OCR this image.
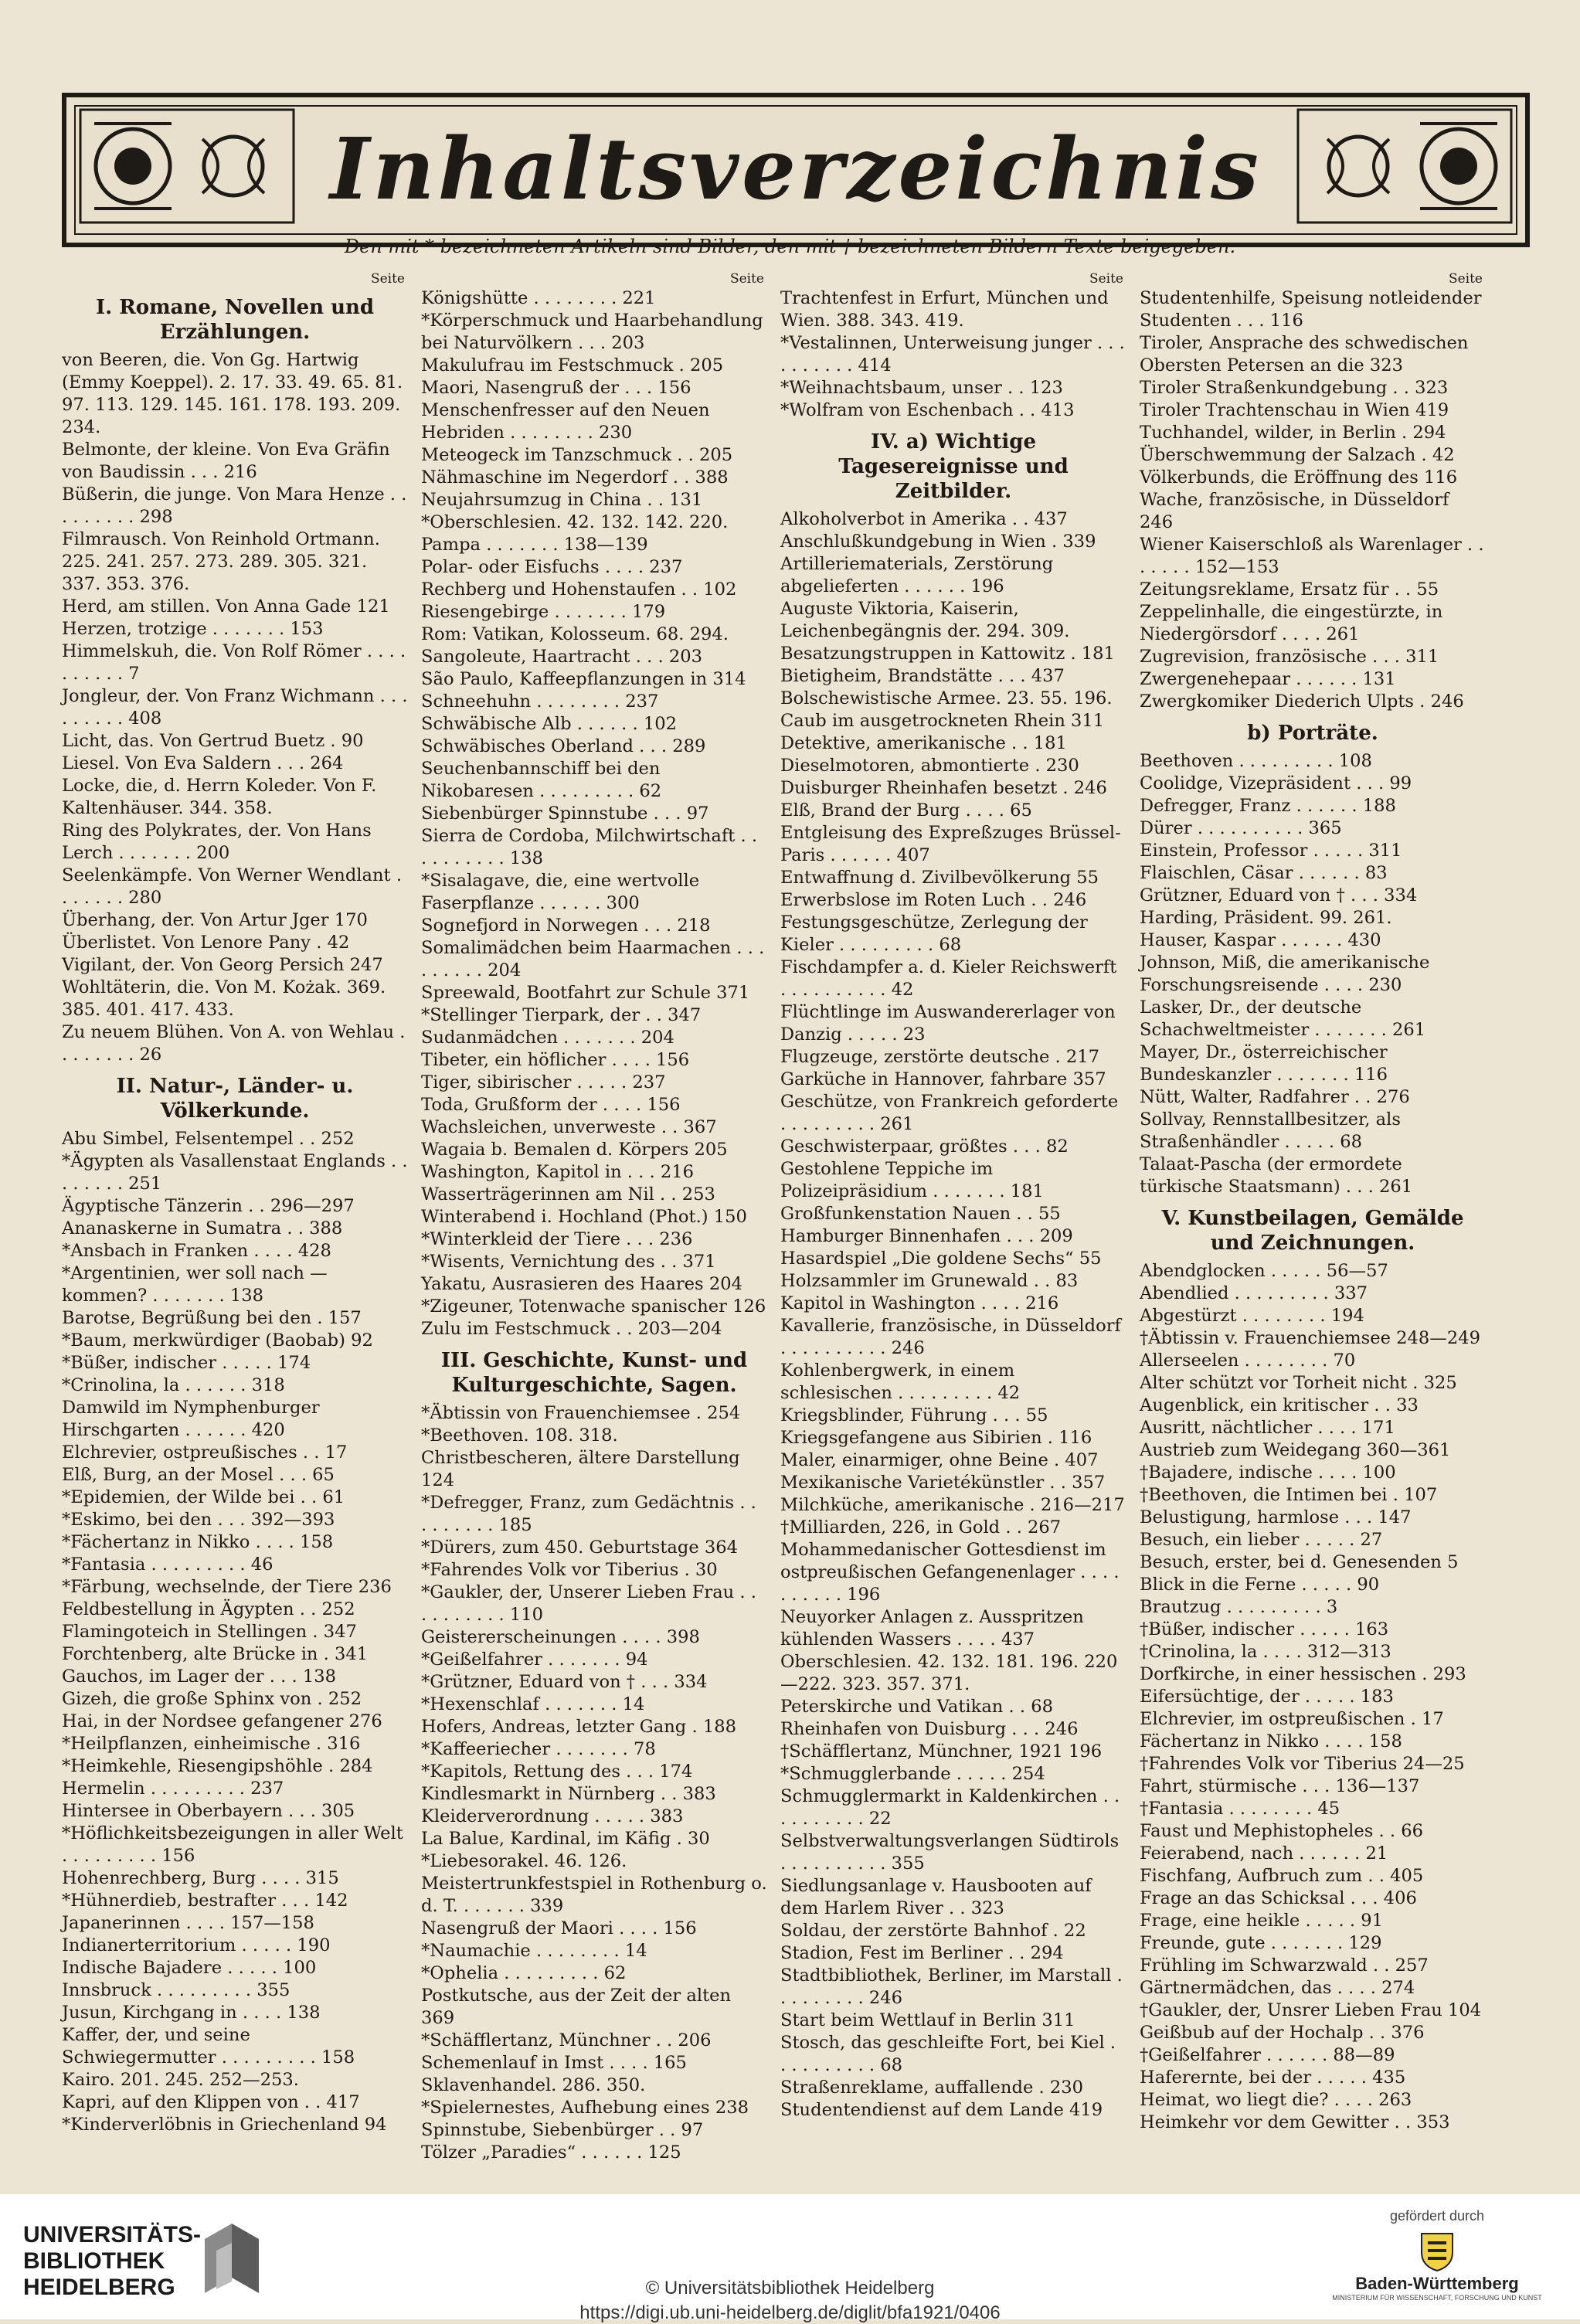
Inhaltsverzeichnis
Den mit * bezeichneten Artikeln sind Bilder, den mit † bezeichneten Bildern Texte beigegeben.
Seite
I. Romane, Novellen und Erzählungen.
von Beeren, die. Von Gg. Hartwig (Emmy Koeppel). 2. 17. 33. 49. 65. 81. 97. 113. 129. 145. 161. 178. 193. 209. 234.
Belmonte, der kleine. Von Eva Gräfin von Baudissin . . . 216
Büßerin, die junge. Von Mara Henze . . . . . . . . . 298
Filmrausch. Von Reinhold Ortmann. 225. 241. 257. 273. 289. 305. 321. 337. 353. 376.
Herd, am stillen. Von Anna Gade 121
Herzen, trotzige . . . . . . . 153
Himmelskuh, die. Von Rolf Römer . . . . . . . . . . 7
Jongleur, der. Von Franz Wichmann . . . . . . . . . 408
Licht, das. Von Gertrud Buetz . 90
Liesel. Von Eva Saldern . . . 264
Locke, die, d. Herrn Koleder. Von F. Kaltenhäuser. 344. 358.
Ring des Polykrates, der. Von Hans Lerch . . . . . . . 200
Seelenkämpfe. Von Werner Wendlant . . . . . . . 280
Überhang, der. Von Artur Jger 170
Überlistet. Von Lenore Pany . 42
Vigilant, der. Von Georg Persich 247
Wohltäterin, die. Von M. Kożak. 369. 385. 401. 417. 433.
Zu neuem Blühen. Von A. von Wehlau . . . . . . . . 26
II. Natur-, Länder- u. Völkerkunde.
Abu Simbel, Felsentempel . . 252
*Ägypten als Vasallenstaat Englands . . . . . . . . 251
Ägyptische Tänzerin . . 296—297
Ananaskerne in Sumatra . . 388
*Ansbach in Franken . . . . 428
*Argentinien, wer soll nach — kommen? . . . . . . . 138
Barotse, Begrüßung bei den . 157
*Baum, merkwürdiger (Baobab) 92
*Büßer, indischer . . . . . 174
*Crinolina, la . . . . . . 318
Damwild im Nymphenburger Hirschgarten . . . . . . 420
Elchrevier, ostpreußisches . . 17
Elß, Burg, an der Mosel . . . 65
*Epidemien, der Wilde bei . . 61
*Eskimo, bei den . . . 392—393
*Fächertanz in Nikko . . . . 158
*Fantasia . . . . . . . . . 46
*Färbung, wechselnde, der Tiere 236
Feldbestellung in Ägypten . . 252
Flamingoteich in Stellingen . 347
Forchtenberg, alte Brücke in . 341
Gauchos, im Lager der . . . 138
Gizeh, die große Sphinx von . 252
Hai, in der Nordsee gefangener 276
*Heilpflanzen, einheimische . 316
*Heimkehle, Riesengipshöhle . 284
Hermelin . . . . . . . . . 237
Hintersee in Oberbayern . . . 305
*Höflichkeitsbezeigungen in aller Welt . . . . . . . . . 156
Hohenrechberg, Burg . . . . 315
*Hühnerdieb, bestrafter . . . 142
Japanerinnen . . . . 157—158
Indianerterritorium . . . . . 190
Indische Bajadere . . . . . 100
Innsbruck . . . . . . . . . 355
Jusun, Kirchgang in . . . . 138
Kaffer, der, und seine Schwiegermutter . . . . . . . . . 158
Kairo. 201. 245. 252—253.
Kapri, auf den Klippen von . . 417
*Kinderverlöbnis in Griechenland 94
Seite
Königshütte . . . . . . . . 221
*Körperschmuck und Haarbehandlung bei Naturvölkern . . . 203
Makulufrau im Festschmuck . 205
Maori, Nasengruß der . . . 156
Menschenfresser auf den Neuen Hebriden . . . . . . . . 230
Meteogeck im Tanzschmuck . . 205
Nähmaschine im Negerdorf . . 388
Neujahrsumzug in China . . 131
*Oberschlesien. 42. 132. 142. 220.
Pampa . . . . . . . 138—139
Polar- oder Eisfuchs . . . . 237
Rechberg und Hohenstaufen . . 102
Riesengebirge . . . . . . . 179
Rom: Vatikan, Kolosseum. 68. 294.
Sangoleute, Haartracht . . . 203
São Paulo, Kaffeepflanzungen in 314
Schneehuhn . . . . . . . . 237
Schwäbische Alb . . . . . . 102
Schwäbisches Oberland . . . 289
Seuchenbannschiff bei den Nikobaresen . . . . . . . . . 62
Siebenbürger Spinnstube . . . 97
Sierra de Cordoba, Milchwirtschaft . . . . . . . . . . 138
*Sisalagave, die, eine wertvolle Faserpflanze . . . . . . 300
Sognefjord in Norwegen . . . 218
Somalimädchen beim Haarmachen . . . . . . . . . 204
Spreewald, Bootfahrt zur Schule 371
*Stellinger Tierpark, der . . 347
Sudanmädchen . . . . . . . 204
Tibeter, ein höflicher . . . . 156
Tiger, sibirischer . . . . . 237
Toda, Grußform der . . . . 156
Wachsleichen, unverweste . . 367
Wagaia b. Bemalen d. Körpers 205
Washington, Kapitol in . . . 216
Wasserträgerinnen am Nil . . 253
Winterabend i. Hochland (Phot.) 150
*Winterkleid der Tiere . . . 236
*Wisents, Vernichtung des . . 371
Yakatu, Ausrasieren des Haares 204
*Zigeuner, Totenwache spanischer 126
Zulu im Festschmuck . . 203—204
III. Geschichte, Kunst- und Kulturgeschichte, Sagen.
*Äbtissin von Frauenchiemsee . 254
*Beethoven. 108. 318.
Christbescheren, ältere Darstellung 124
*Defregger, Franz, zum Gedächtnis . . . . . . . . . 185
*Dürers, zum 450. Geburtstage 364
*Fahrendes Volk vor Tiberius . 30
*Gaukler, der, Unserer Lieben Frau . . . . . . . . . . 110
Geistererscheinungen . . . . 398
*Geißelfahrer . . . . . . . 94
*Grützner, Eduard von † . . . 334
*Hexenschlaf . . . . . . . 14
Hofers, Andreas, letzter Gang . 188
*Kaffeeriecher . . . . . . . 78
*Kapitols, Rettung des . . . 174
Kindlesmarkt in Nürnberg . . 383
Kleiderverordnung . . . . . 383
La Balue, Kardinal, im Käfig . 30
*Liebesorakel. 46. 126.
Meistertrunkfestspiel in Rothenburg o. d. T. . . . . . . 339
Nasengruß der Maori . . . . 156
*Naumachie . . . . . . . . 14
*Ophelia . . . . . . . . . 62
Postkutsche, aus der Zeit der alten 369
*Schäfflertanz, Münchner . . 206
Schemenlauf in Imst . . . . 165
Sklavenhandel. 286. 350.
*Spielernestes, Aufhebung eines 238
Spinnstube, Siebenbürger . . 97
Tölzer „Paradies“ . . . . . . 125
Seite
Trachtenfest in Erfurt, München und Wien. 388. 343. 419.
*Vestalinnen, Unterweisung junger . . . . . . . . . . 414
*Weihnachtsbaum, unser . . 123
*Wolfram von Eschenbach . . 413
IV. a) Wichtige Tagesereignisse und Zeitbilder.
Alkoholverbot in Amerika . . 437
Anschlußkundgebung in Wien . 339
Artilleriematerials, Zerstörung abgelieferten . . . . . . 196
Auguste Viktoria, Kaiserin, Leichenbegängnis der. 294. 309.
Besatzungstruppen in Kattowitz . 181
Bietigheim, Brandstätte . . . 437
Bolschewistische Armee. 23. 55. 196.
Caub im ausgetrockneten Rhein 311
Detektive, amerikanische . . 181
Dieselmotoren, abmontierte . 230
Duisburger Rheinhafen besetzt . 246
Elß, Brand der Burg . . . . 65
Entgleisung des Expreßzuges Brüssel-Paris . . . . . . 407
Entwaffnung d. Zivilbevölkerung 55
Erwerbslose im Roten Luch . . 246
Festungsgeschütze, Zerlegung der Kieler . . . . . . . . . 68
Fischdampfer a. d. Kieler Reichswerft . . . . . . . . . . 42
Flüchtlinge im Auswandererlager von Danzig . . . . . 23
Flugzeuge, zerstörte deutsche . 217
Garküche in Hannover, fahrbare 357
Geschütze, von Frankreich geforderte . . . . . . . . . 261
Geschwisterpaar, größtes . . . 82
Gestohlene Teppiche im Polizeipräsidium . . . . . . . 181
Großfunkenstation Nauen . . 55
Hamburger Binnenhafen . . . 209
Hasardspiel „Die goldene Sechs“ 55
Holzsammler im Grunewald . . 83
Kapitol in Washington . . . . 216
Kavallerie, französische, in Düsseldorf . . . . . . . . . . 246
Kohlenbergwerk, in einem schlesischen . . . . . . . . . 42
Kriegsblinder, Führung . . . 55
Kriegsgefangene aus Sibirien . 116
Maler, einarmiger, ohne Beine . 407
Mexikanische Varietékünstler . . 357
Milchküche, amerikanische . 216—217
†Milliarden, 226, in Gold . . 267
Mohammedanischer Gottesdienst im ostpreußischen Gefangenenlager . . . . . . . . . . 196
Neuyorker Anlagen z. Ausspritzen kühlenden Wassers . . . . 437
Oberschlesien. 42. 132. 181. 196. 220—222. 323. 357. 371.
Peterskirche und Vatikan . . 68
Rheinhafen von Duisburg . . . 246
†Schäfflertanz, Münchner, 1921 196
*Schmugglerbande . . . . . 254
Schmugglermarkt in Kaldenkirchen . . . . . . . . . . 22
Selbstverwaltungsverlangen Südtirols . . . . . . . . . . 355
Siedlungsanlage v. Hausbooten auf dem Harlem River . . 323
Soldau, der zerstörte Bahnhof . 22
Stadion, Fest im Berliner . . 294
Stadtbibliothek, Berliner, im Marstall . . . . . . . . . 246
Start beim Wettlauf in Berlin 311
Stosch, das geschleifte Fort, bei Kiel . . . . . . . . . . 68
Straßenreklame, auffallende . 230
Studentendienst auf dem Lande 419
Seite
Studentenhilfe, Speisung notleidender Studenten . . . 116
Tiroler, Ansprache des schwedischen Obersten Petersen an die 323
Tiroler Straßenkundgebung . . 323
Tiroler Trachtenschau in Wien 419
Tuchhandel, wilder, in Berlin . 294
Überschwemmung der Salzach . 42
Völkerbunds, die Eröffnung des 116
Wache, französische, in Düsseldorf 246
Wiener Kaiserschloß als Warenlager . . . . . . . 152—153
Zeitungsreklame, Ersatz für . . 55
Zeppelinhalle, die eingestürzte, in Niedergörsdorf . . . . 261
Zugrevision, französische . . . 311
Zwergenehepaar . . . . . . 131
Zwergkomiker Diederich Ulpts . 246
b) Porträte.
Beethoven . . . . . . . . . 108
Coolidge, Vizepräsident . . . 99
Defregger, Franz . . . . . . 188
Dürer . . . . . . . . . . 365
Einstein, Professor . . . . . 311
Flaischlen, Cäsar . . . . . . 83
Grützner, Eduard von † . . . 334
Harding, Präsident. 99. 261.
Hauser, Kaspar . . . . . . 430
Johnson, Miß, die amerikanische Forschungsreisende . . . . 230
Lasker, Dr., der deutsche Schachweltmeister . . . . . . . 261
Mayer, Dr., österreichischer Bundeskanzler . . . . . . . 116
Nütt, Walter, Radfahrer . . 276
Sollvay, Rennstallbesitzer, als Straßenhändler . . . . . 68
Talaat-Pascha (der ermordete türkische Staatsmann) . . . 261
V. Kunstbeilagen, Gemälde und Zeichnungen.
Abendglocken . . . . . 56—57
Abendlied . . . . . . . . . 337
Abgestürzt . . . . . . . . 194
†Äbtissin v. Frauenchiemsee 248—249
Allerseelen . . . . . . . . 70
Alter schützt vor Torheit nicht . 325
Augenblick, ein kritischer . . 33
Ausritt, nächtlicher . . . . 171
Austrieb zum Weidegang 360—361
†Bajadere, indische . . . . 100
†Beethoven, die Intimen bei . 107
Belustigung, harmlose . . . 147
Besuch, ein lieber . . . . . 27
Besuch, erster, bei d. Genesenden 5
Blick in die Ferne . . . . . 90
Brautzug . . . . . . . . . 3
†Büßer, indischer . . . . . 163
†Crinolina, la . . . . 312—313
Dorfkirche, in einer hessischen . 293
Eifersüchtige, der . . . . . 183
Elchrevier, im ostpreußischen . 17
Fächertanz in Nikko . . . . 158
†Fahrendes Volk vor Tiberius 24—25
Fahrt, stürmische . . . 136—137
†Fantasia . . . . . . . . 45
Faust und Mephistopheles . . 66
Feierabend, nach . . . . . . 21
Fischfang, Aufbruch zum . . 405
Frage an das Schicksal . . . 406
Frage, eine heikle . . . . . 91
Freunde, gute . . . . . . . 129
Frühling im Schwarzwald . . 257
Gärtnermädchen, das . . . . 274
†Gaukler, der, Unsrer Lieben Frau 104
Geißbub auf der Hochalp . . 376
†Geißelfahrer . . . . . . 88—89
Haferernte, bei der . . . . . 435
Heimat, wo liegt die? . . . . 263
Heimkehr vor dem Gewitter . . 353
UNIVERSITÄTS-
BIBLIOTHEK
HEIDELBERG	© Universitätsbibliothek Heidelberg
https://digi.ub.uni-heidelberg.de/diglit/bfa1921/0406
gefördert durch
Baden-Württemberg
MINISTERIUM FÜR WISSENSCHAFT, FORSCHUNG UND KUNST
